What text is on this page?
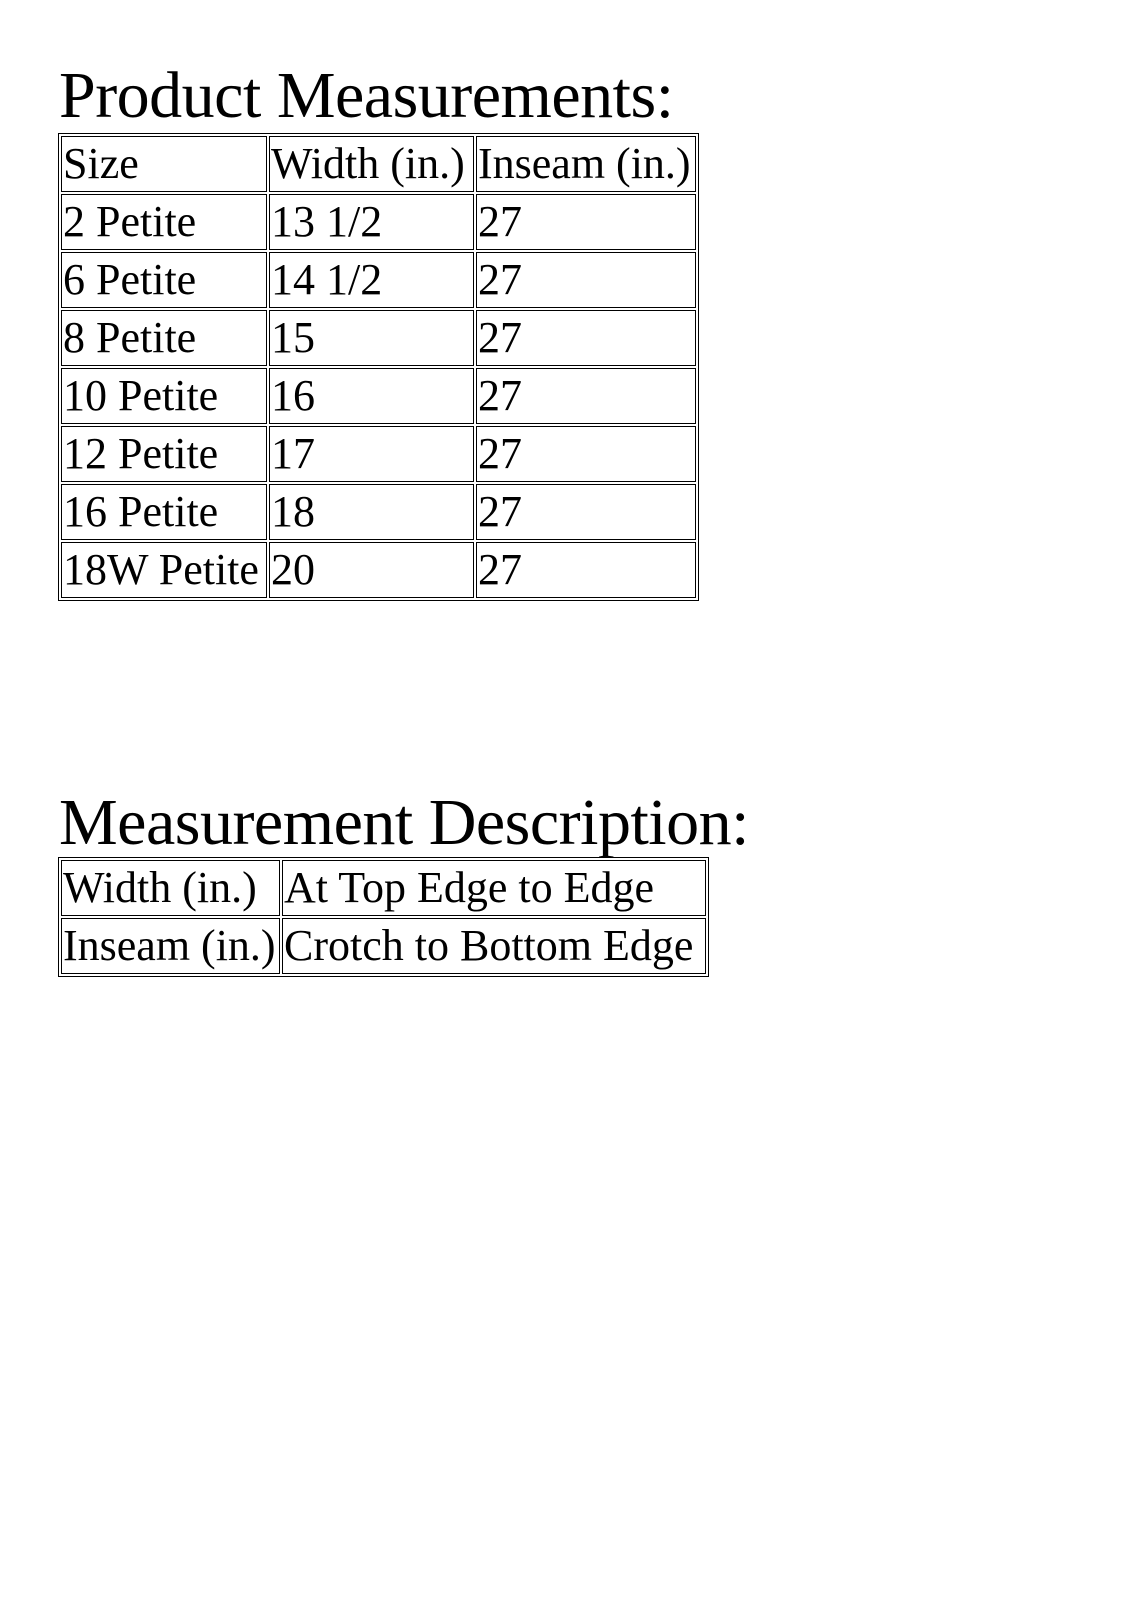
Product Measurements:
Size	Width (in.)	Inseam (in.)
2 Petite	13 1/2	27
6 Petite	14 1/2	27
8 Petite	15	27
10 Petite	16	27
12 Petite	17	27
16 Petite	18	27
18W Petite	20	27
Measurement Description:
Width (in.)	At Top Edge to Edge
Inseam (in.)	Crotch to Bottom Edge
